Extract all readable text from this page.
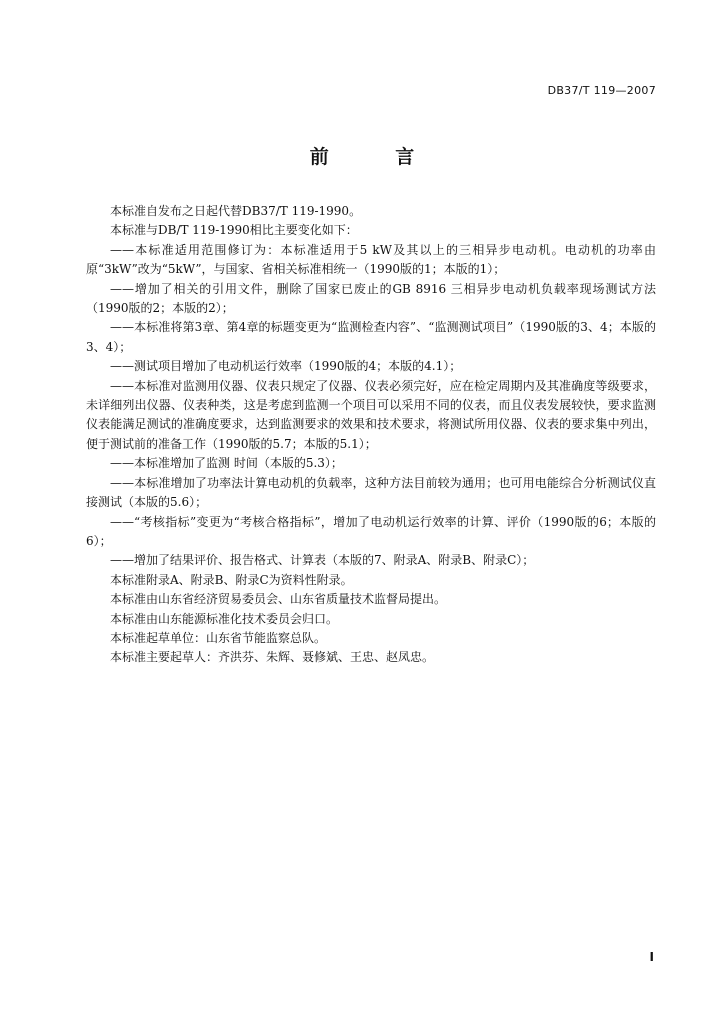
DB37/T 119—2007
前 言

本标准自发布之日起代替DB37/T 119-1990。

本标准与DB/T 119-1990相比主要变化如下：

——本标准适用范围修订为：本标准适用于5 kW及其以上的三相异步电动机。电动机的功率由原“3kW”改为“5kW”，与国家、省相关标准相统一（1990版的1；本版的1）；

——增加了相关的引用文件，删除了国家已废止的GB 8916 三相异步电动机负载率现场测试方法（1990版的2；本版的2）；

——本标准将第3章、第4章的标题变更为“监测检查内容”、“监测测试项目”（1990版的3、4；本版的3、4）；

——测试项目增加了电动机运行效率（1990版的4；本版的4.1）；

——本标准对监测用仪器、仪表只规定了仪器、仪表必须完好，应在检定周期内及其准确度等级要求，未详细列出仪器、仪表种类，这是考虑到监测一个项目可以采用不同的仪表，而且仪表发展较快，要求监测仪表能满足测试的准确度要求，达到监测要求的效果和技术要求，将测试所用仪器、仪表的要求集中列出，便于测试前的准备工作（1990版的5.7；本版的5.1）；

——本标准增加了监测 时间（本版的5.3）；

——本标准增加了功率法计算电动机的负载率，这种方法目前较为通用；也可用电能综合分析测试仪直接测试（本版的5.6）；

——“考核指标”变更为“考核合格指标”，增加了电动机运行效率的计算、评价（1990版的6；本版的6）；

——增加了结果评价、报告格式、计算表（本版的7、附录A、附录B、附录C）；

本标准附录A、附录B、附录C为资料性附录。

本标准由山东省经济贸易委员会、山东省质量技术监督局提出。

本标准由山东能源标准化技术委员会归口。

本标准起草单位：山东省节能监察总队。

本标准主要起草人：齐洪芬、朱辉、聂修斌、王忠、赵凤忠。

I
